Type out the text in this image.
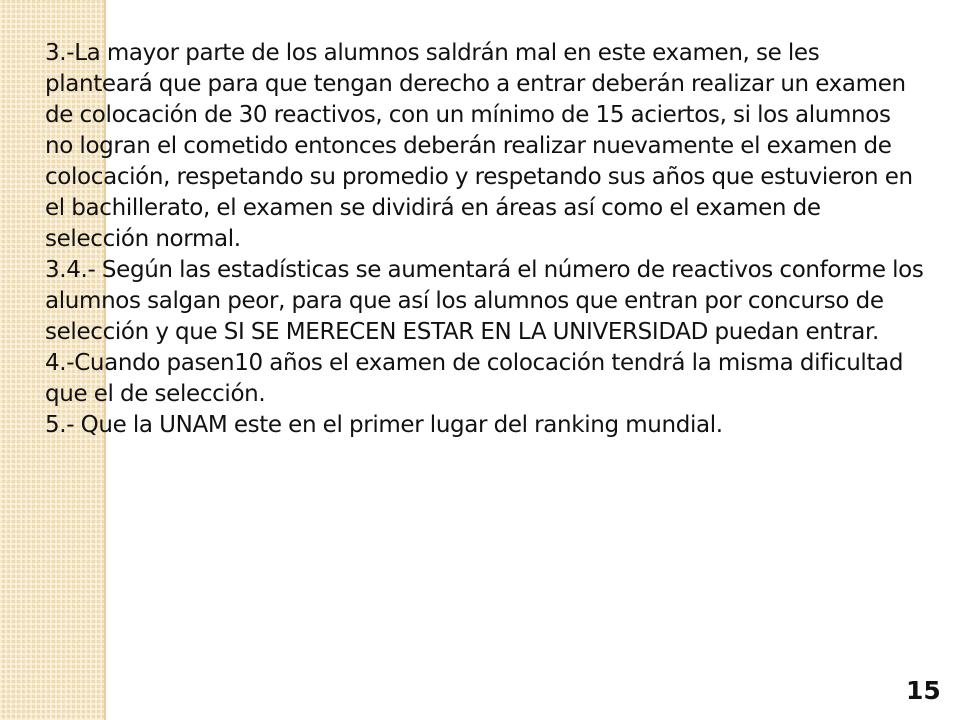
3.-La mayor parte de los alumnos saldrán mal en este examen, se les planteará que para que tengan derecho a entrar deberán realizar un examen de colocación de 30 reactivos, con un mínimo de 15 aciertos, si los alumnos no logran el cometido entonces deberán realizar nuevamente el examen de colocación, respetando su promedio y respetando sus años que estuvieron en el bachillerato, el examen se dividirá en áreas así como el examen de selección normal.

3.4.- Según las estadísticas se aumentará el número de reactivos conforme los alumnos salgan peor, para que así los alumnos que entran por concurso de selección y que SI SE MERECEN ESTAR EN LA UNIVERSIDAD puedan entrar.

4.-Cuando pasen10 años el examen de colocación tendrá la misma dificultad que el de selección.

5.- Que la UNAM este en el primer lugar del ranking mundial.

15
